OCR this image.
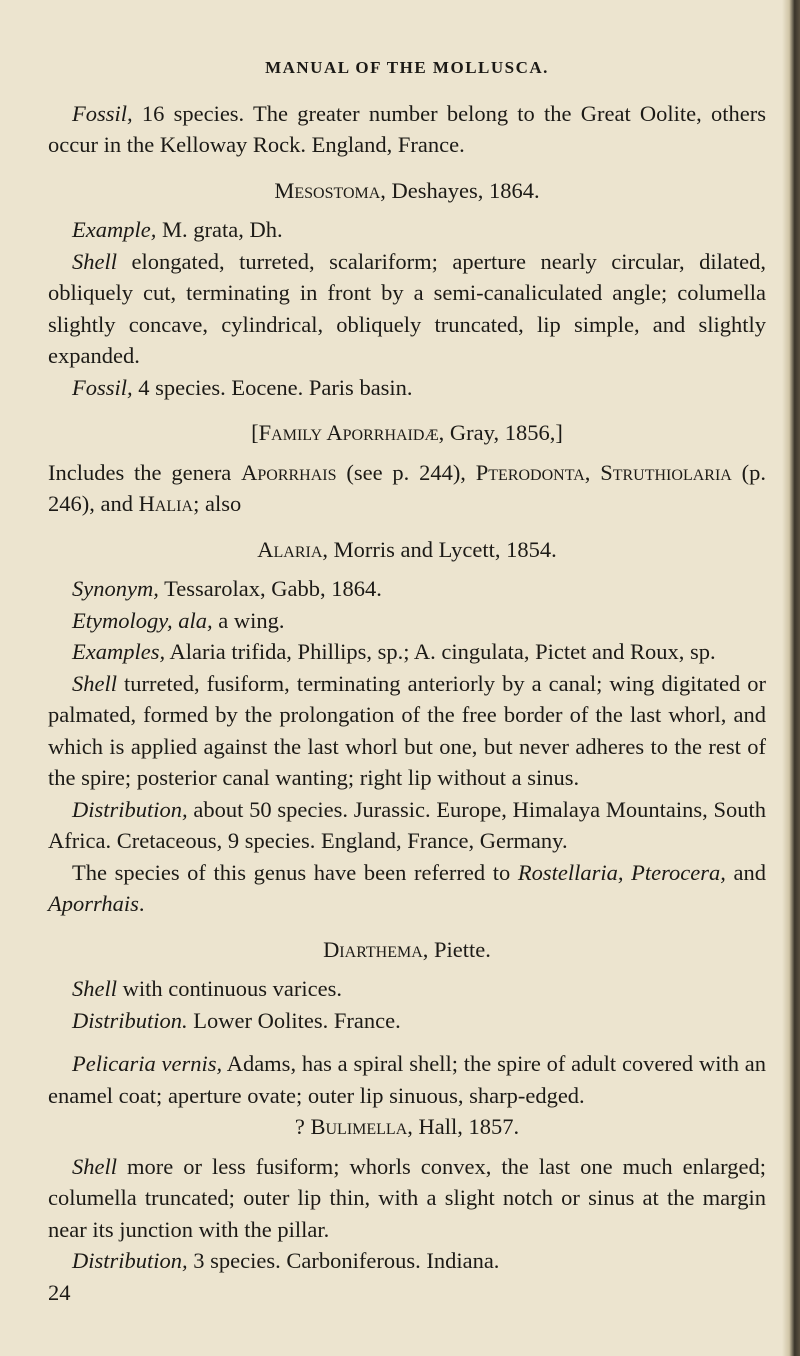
MANUAL OF THE MOLLUSCA.

Fossil, 16 species. The greater number belong to the Great Oolite, others occur in the Kelloway Rock. England, France.

Mesostoma, Deshayes, 1864.

Example, M. grata, Dh.

Shell elongated, turreted, scalariform; aperture nearly circular, dilated, obliquely cut, terminating in front by a semi-canaliculated angle; columella slightly concave, cylindrical, obliquely truncated, lip simple, and slightly expanded.

Fossil, 4 species. Eocene. Paris basin.

[Family Aporrhaidæ, Gray, 1856,]

Includes the genera Aporrhais (see p. 244), Pterodonta, Struthiolaria (p. 246), and Halia; also

Alaria, Morris and Lycett, 1854.

Synonym, Tessarolax, Gabb, 1864.

Etymology, ala, a wing.

Examples, Alaria trifida, Phillips, sp.; A. cingulata, Pictet and Roux, sp.

Shell turreted, fusiform, terminating anteriorly by a canal; wing digitated or palmated, formed by the prolongation of the free border of the last whorl, and which is applied against the last whorl but one, but never adheres to the rest of the spire; posterior canal wanting; right lip without a sinus.

Distribution, about 50 species. Jurassic. Europe, Himalaya Mountains, South Africa. Cretaceous, 9 species. England, France, Germany.

The species of this genus have been referred to Rostellaria, Pterocera, and Aporrhais.

Diarthema, Piette.

Shell with continuous varices.

Distribution. Lower Oolites. France.

Pelicaria vernis, Adams, has a spiral shell; the spire of adult covered with an enamel coat; aperture ovate; outer lip sinuous, sharp-edged.

? Bulimella, Hall, 1857.

Shell more or less fusiform; whorls convex, the last one much enlarged; columella truncated; outer lip thin, with a slight notch or sinus at the margin near its junction with the pillar.

Distribution, 3 species. Carboniferous. Indiana.

24
